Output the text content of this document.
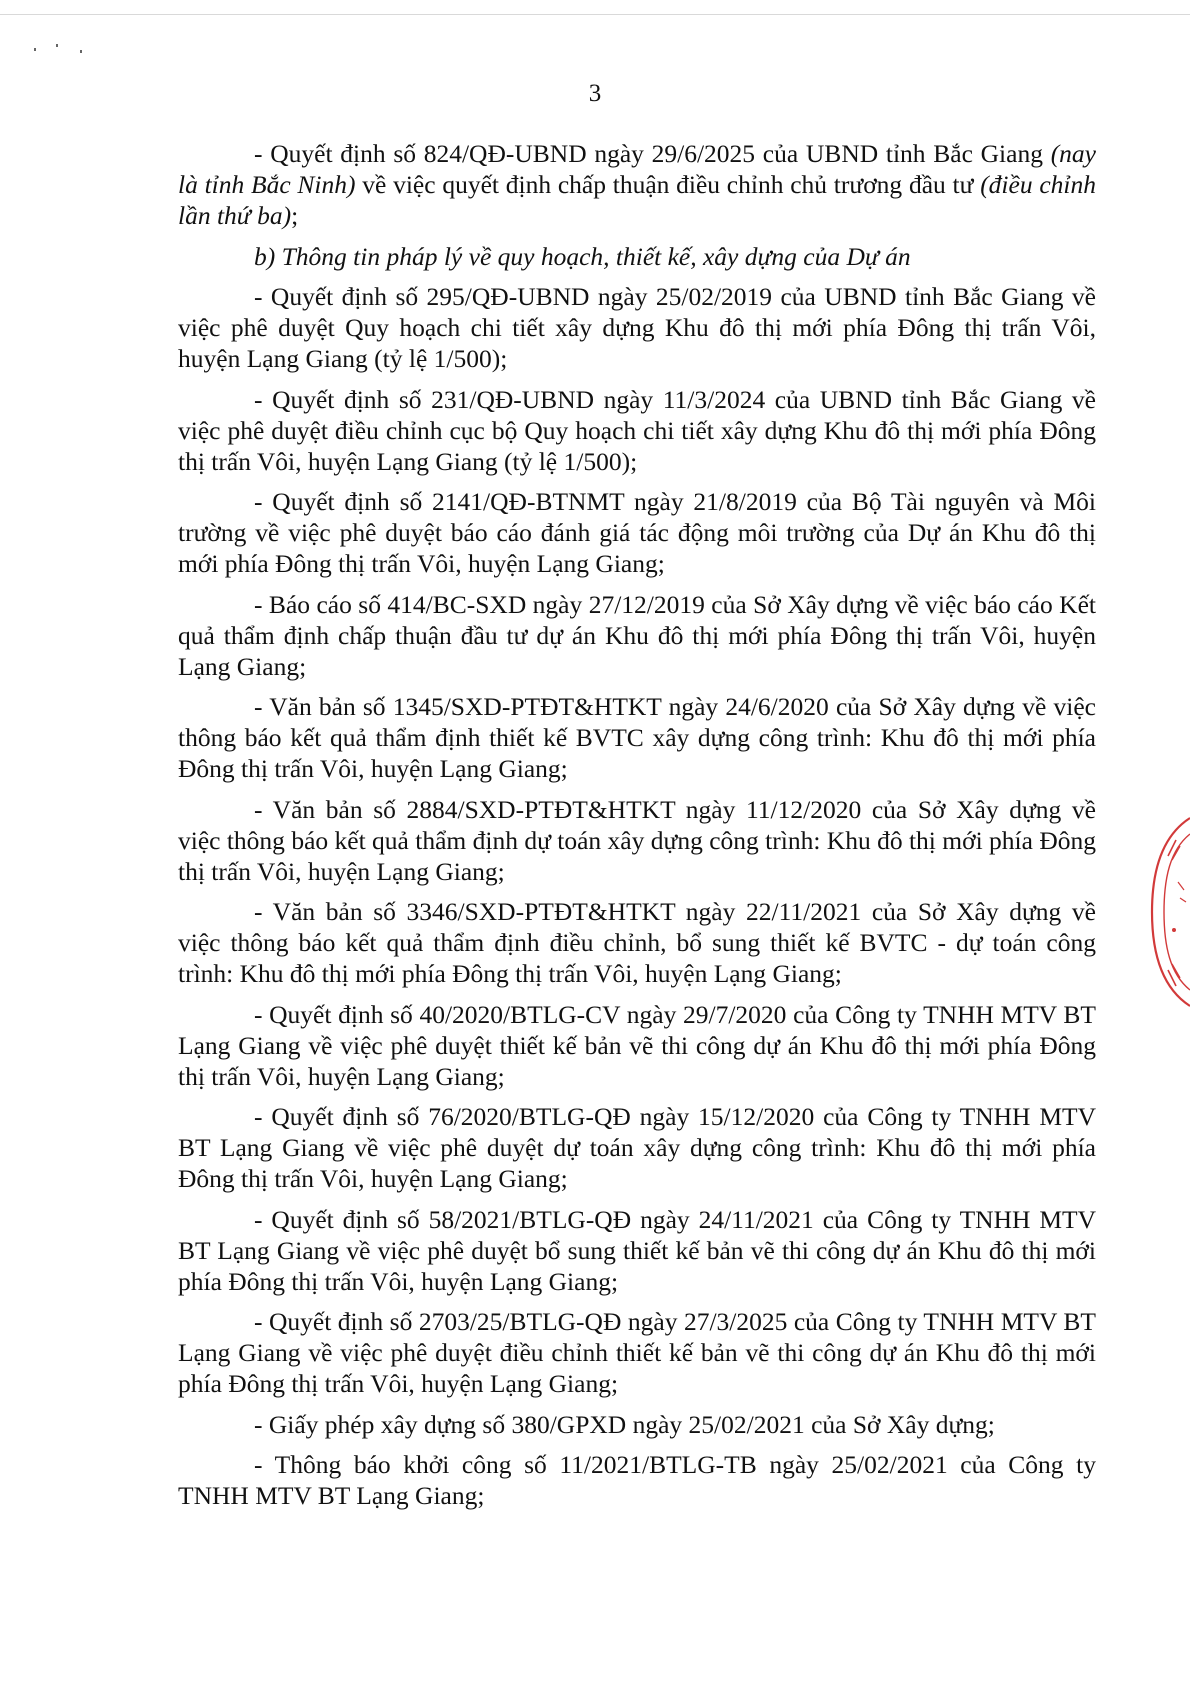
3

- Quyết định số 824/QĐ-UBND ngày 29/6/2025 của UBND tỉnh Bắc Giang (nay là tỉnh Bắc Ninh) về việc quyết định chấp thuận điều chỉnh chủ trương đầu tư (điều chỉnh lần thứ ba);

b) Thông tin pháp lý về quy hoạch, thiết kế, xây dựng của Dự án

- Quyết định số 295/QĐ-UBND ngày 25/02/2019 của UBND tỉnh Bắc Giang về việc phê duyệt Quy hoạch chi tiết xây dựng Khu đô thị mới phía Đông thị trấn Vôi, huyện Lạng Giang (tỷ lệ 1/500);

- Quyết định số 231/QĐ-UBND ngày 11/3/2024 của UBND tỉnh Bắc Giang về việc phê duyệt điều chỉnh cục bộ Quy hoạch chi tiết xây dựng Khu đô thị mới phía Đông thị trấn Vôi, huyện Lạng Giang (tỷ lệ 1/500);

- Quyết định số 2141/QĐ-BTNMT ngày 21/8/2019 của Bộ Tài nguyên và Môi trường về việc phê duyệt báo cáo đánh giá tác động môi trường của Dự án Khu đô thị mới phía Đông thị trấn Vôi, huyện Lạng Giang;

- Báo cáo số 414/BC-SXD ngày 27/12/2019 của Sở Xây dựng về việc báo cáo Kết quả thẩm định chấp thuận đầu tư dự án Khu đô thị mới phía Đông thị trấn Vôi, huyện Lạng Giang;

- Văn bản số 1345/SXD-PTĐT&HTKT ngày 24/6/2020 của Sở Xây dựng về việc thông báo kết quả thẩm định thiết kế BVTC xây dựng công trình: Khu đô thị mới phía Đông thị trấn Vôi, huyện Lạng Giang;

- Văn bản số 2884/SXD-PTĐT&HTKT ngày 11/12/2020 của Sở Xây dựng về việc thông báo kết quả thẩm định dự toán xây dựng công trình: Khu đô thị mới phía Đông thị trấn Vôi, huyện Lạng Giang;

- Văn bản số 3346/SXD-PTĐT&HTKT ngày 22/11/2021 của Sở Xây dựng về việc thông báo kết quả thẩm định điều chỉnh, bổ sung thiết kế BVTC - dự toán công trình: Khu đô thị mới phía Đông thị trấn Vôi, huyện Lạng Giang;

- Quyết định số 40/2020/BTLG-CV ngày 29/7/2020 của Công ty TNHH MTV BT Lạng Giang về việc phê duyệt thiết kế bản vẽ thi công dự án Khu đô thị mới phía Đông thị trấn Vôi, huyện Lạng Giang;

- Quyết định số 76/2020/BTLG-QĐ ngày 15/12/2020 của Công ty TNHH MTV BT Lạng Giang về việc phê duyệt dự toán xây dựng công trình: Khu đô thị mới phía Đông thị trấn Vôi, huyện Lạng Giang;

- Quyết định số 58/2021/BTLG-QĐ ngày 24/11/2021 của Công ty TNHH MTV BT Lạng Giang về việc phê duyệt bổ sung thiết kế bản vẽ thi công dự án Khu đô thị mới phía Đông thị trấn Vôi, huyện Lạng Giang;

- Quyết định số 2703/25/BTLG-QĐ ngày 27/3/2025 của Công ty TNHH MTV BT Lạng Giang về việc phê duyệt điều chỉnh thiết kế bản vẽ thi công dự án Khu đô thị mới phía Đông thị trấn Vôi, huyện Lạng Giang;

- Giấy phép xây dựng số 380/GPXD ngày 25/02/2021 của Sở Xây dựng;

- Thông báo khởi công số 11/2021/BTLG-TB ngày 25/02/2021 của Công ty TNHH MTV BT Lạng Giang;
